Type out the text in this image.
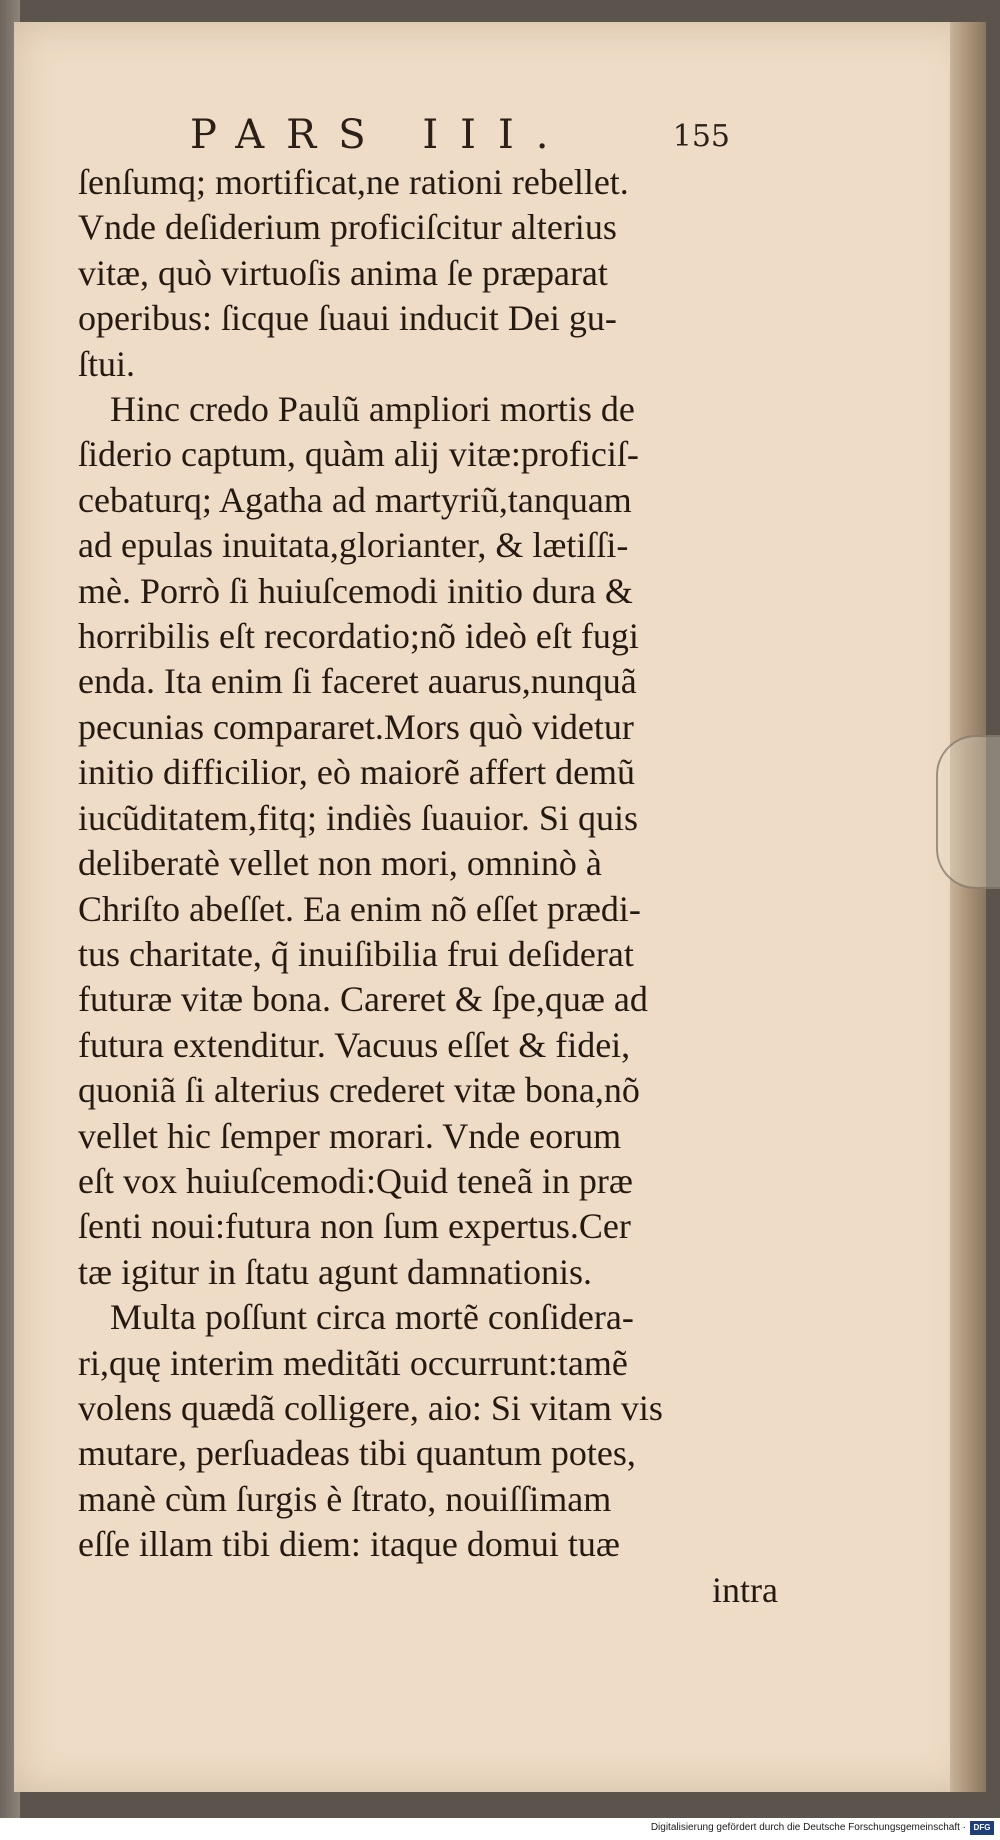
PARS III.	155
ſenſumq; mortificat,ne rationi rebellet.
Vnde deſiderium proficiſcitur alterius
vitæ, quò virtuoſis anima ſe præparat
operibus: ſicque ſuaui inducit Dei gu-
ſtui.
Hinc credo Paulũ ampliori mortis de
ſiderio captum, quàm alij vitæ:proficiſ-
cebaturq; Agatha ad martyriũ,tanquam
ad epulas inuitata,glorianter, & lætiſſi-
mè. Porrò ſi huiuſcemodi initio dura &
horribilis eſt recordatio;nõ ideò eſt fugi
enda. Ita enim ſi faceret auarus,nunquã
pecunias compararet.Mors quò videtur
initio difficilior, eò maiorẽ affert demũ
iucũditatem,fitq; indiès ſuauior. Si quis
deliberatè vellet non mori, omninò à
Chriſto abeſſet. Ea enim nõ eſſet prædi-
tus charitate, q̃ inuiſibilia frui deſiderat
futuræ vitæ bona. Careret & ſpe,quæ ad
futura extenditur. Vacuus eſſet & fidei,
quoniã ſi alterius crederet vitæ bona,nõ
vellet hic ſemper morari. Vnde eorum
eſt vox huiuſcemodi:Quid teneã in præ
ſenti noui:futura non ſum expertus.Cer
tæ igitur in ſtatu agunt damnationis.
Multa poſſunt circa mortẽ conſidera-
ri,quę interim meditãti occurrunt:tamẽ
volens quædã colligere, aio: Si vitam vis
mutare, perſuadeas tibi quantum potes,
manè cùm ſurgis è ſtrato, nouiſſimam
eſſe illam tibi diem: itaque domui tuæ
intra
Digitalisierung gefördert durch die Deutsche Forschungsgemeinschaft · DFG
